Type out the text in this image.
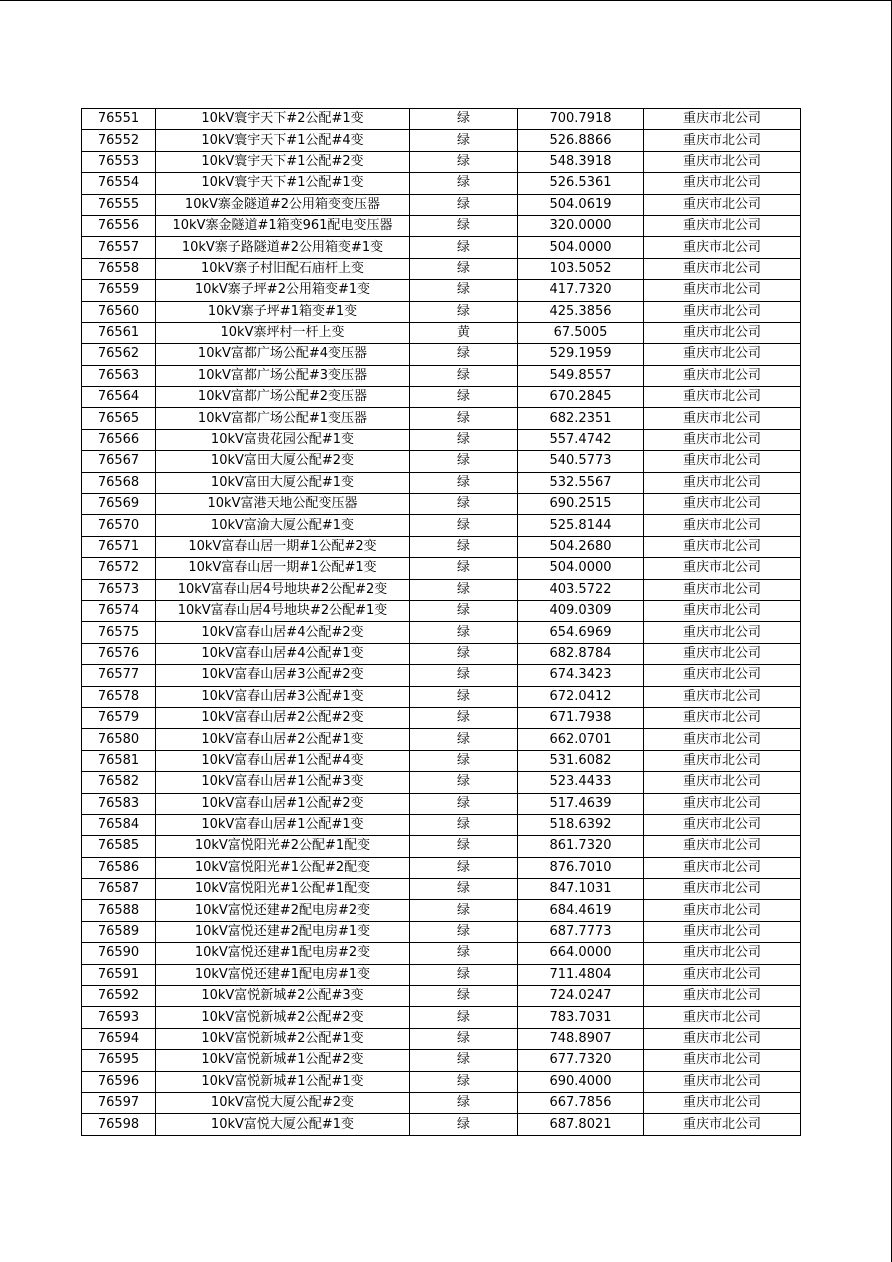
76551	10kV寰宇天下#2公配#1变	绿	700.7918	重庆市北公司
76552	10kV寰宇天下#1公配#4变	绿	526.8866	重庆市北公司
76553	10kV寰宇天下#1公配#2变	绿	548.3918	重庆市北公司
76554	10kV寰宇天下#1公配#1变	绿	526.5361	重庆市北公司
76555	10kV寨金隧道#2公用箱变变压器	绿	504.0619	重庆市北公司
76556	10kV寨金隧道#1箱变961配电变压器	绿	320.0000	重庆市北公司
76557	10kV寨子路隧道#2公用箱变#1变	绿	504.0000	重庆市北公司
76558	10kV寨子村旧配石庙杆上变	绿	103.5052	重庆市北公司
76559	10kV寨子坪#2公用箱变#1变	绿	417.7320	重庆市北公司
76560	10kV寨子坪#1箱变#1变	绿	425.3856	重庆市北公司
76561	10kV寨坪村一杆上变	黄	67.5005	重庆市北公司
76562	10kV富都广场公配#4变压器	绿	529.1959	重庆市北公司
76563	10kV富都广场公配#3变压器	绿	549.8557	重庆市北公司
76564	10kV富都广场公配#2变压器	绿	670.2845	重庆市北公司
76565	10kV富都广场公配#1变压器	绿	682.2351	重庆市北公司
76566	10kV富贵花园公配#1变	绿	557.4742	重庆市北公司
76567	10kV富田大厦公配#2变	绿	540.5773	重庆市北公司
76568	10kV富田大厦公配#1变	绿	532.5567	重庆市北公司
76569	10kV富港天地公配变压器	绿	690.2515	重庆市北公司
76570	10kV富渝大厦公配#1变	绿	525.8144	重庆市北公司
76571	10kV富春山居一期#1公配#2变	绿	504.2680	重庆市北公司
76572	10kV富春山居一期#1公配#1变	绿	504.0000	重庆市北公司
76573	10kV富春山居4号地块#2公配#2变	绿	403.5722	重庆市北公司
76574	10kV富春山居4号地块#2公配#1变	绿	409.0309	重庆市北公司
76575	10kV富春山居#4公配#2变	绿	654.6969	重庆市北公司
76576	10kV富春山居#4公配#1变	绿	682.8784	重庆市北公司
76577	10kV富春山居#3公配#2变	绿	674.3423	重庆市北公司
76578	10kV富春山居#3公配#1变	绿	672.0412	重庆市北公司
76579	10kV富春山居#2公配#2变	绿	671.7938	重庆市北公司
76580	10kV富春山居#2公配#1变	绿	662.0701	重庆市北公司
76581	10kV富春山居#1公配#4变	绿	531.6082	重庆市北公司
76582	10kV富春山居#1公配#3变	绿	523.4433	重庆市北公司
76583	10kV富春山居#1公配#2变	绿	517.4639	重庆市北公司
76584	10kV富春山居#1公配#1变	绿	518.6392	重庆市北公司
76585	10kV富悦阳光#2公配#1配变	绿	861.7320	重庆市北公司
76586	10kV富悦阳光#1公配#2配变	绿	876.7010	重庆市北公司
76587	10kV富悦阳光#1公配#1配变	绿	847.1031	重庆市北公司
76588	10kV富悦还建#2配电房#2变	绿	684.4619	重庆市北公司
76589	10kV富悦还建#2配电房#1变	绿	687.7773	重庆市北公司
76590	10kV富悦还建#1配电房#2变	绿	664.0000	重庆市北公司
76591	10kV富悦还建#1配电房#1变	绿	711.4804	重庆市北公司
76592	10kV富悦新城#2公配#3变	绿	724.0247	重庆市北公司
76593	10kV富悦新城#2公配#2变	绿	783.7031	重庆市北公司
76594	10kV富悦新城#2公配#1变	绿	748.8907	重庆市北公司
76595	10kV富悦新城#1公配#2变	绿	677.7320	重庆市北公司
76596	10kV富悦新城#1公配#1变	绿	690.4000	重庆市北公司
76597	10kV富悦大厦公配#2变	绿	667.7856	重庆市北公司
76598	10kV富悦大厦公配#1变	绿	687.8021	重庆市北公司
